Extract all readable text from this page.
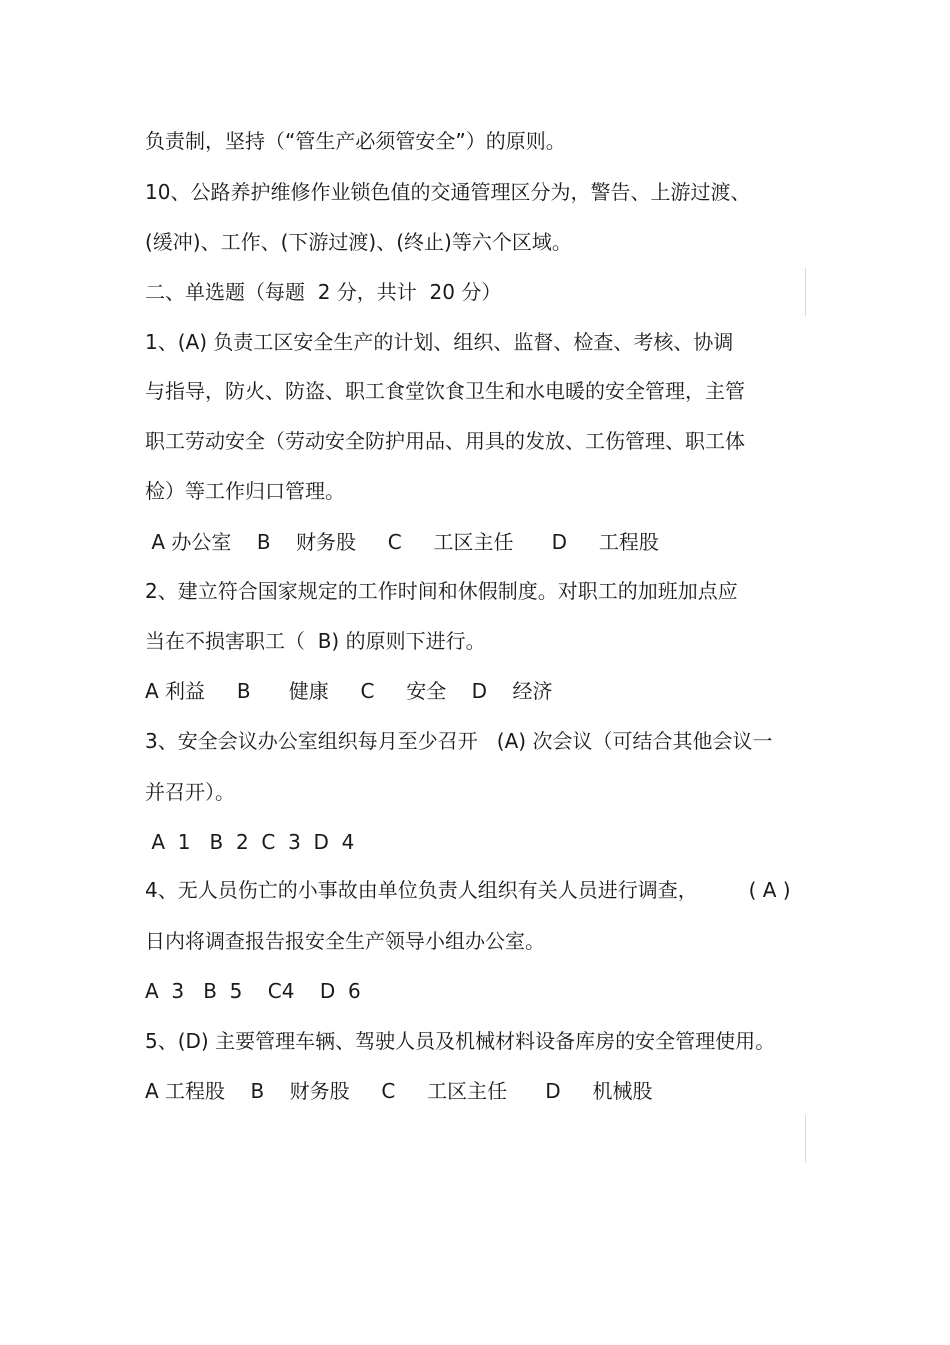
负责制，坚持（“管生产必须管安全”）的原则。
10、公路养护维修作业锁色值的交通管理区分为，警告、上游过渡、
(缓冲)、工作、(下游过渡)、(终止)等六个区域。
二、单选题（每题  2 分，共计  20 分）
1、(A) 负责工区安全生产的计划、组织、监督、检查、考核、协调
与指导，防火、防盗、职工食堂饮食卫生和水电暖的安全管理，主管
职工劳动安全（劳动安全防护用品、用具的发放、工伤管理、职工体
检）等工作归口管理。
A 办公室    B    财务股     C     工区主任      D     工程股
2、建立符合国家规定的工作时间和休假制度。对职工的加班加点应
当在不损害职工（  B) 的原则下进行。
A 利益     B      健康     C     安全    D    经济
3、安全会议办公室组织每月至少召开   (A) 次会议（可结合其他会议一
并召开）。
A  1   B  2  C  3  D  4
4、无人员伤亡的小事故由单位负责人组织有关人员进行调查，        ( A )
日内将调查报告报安全生产领导小组办公室。
A  3   B  5    C4    D  6
5、(D) 主要管理车辆、驾驶人员及机械材料设备库房的安全管理使用。
A 工程股    B    财务股     C     工区主任      D     机械股
